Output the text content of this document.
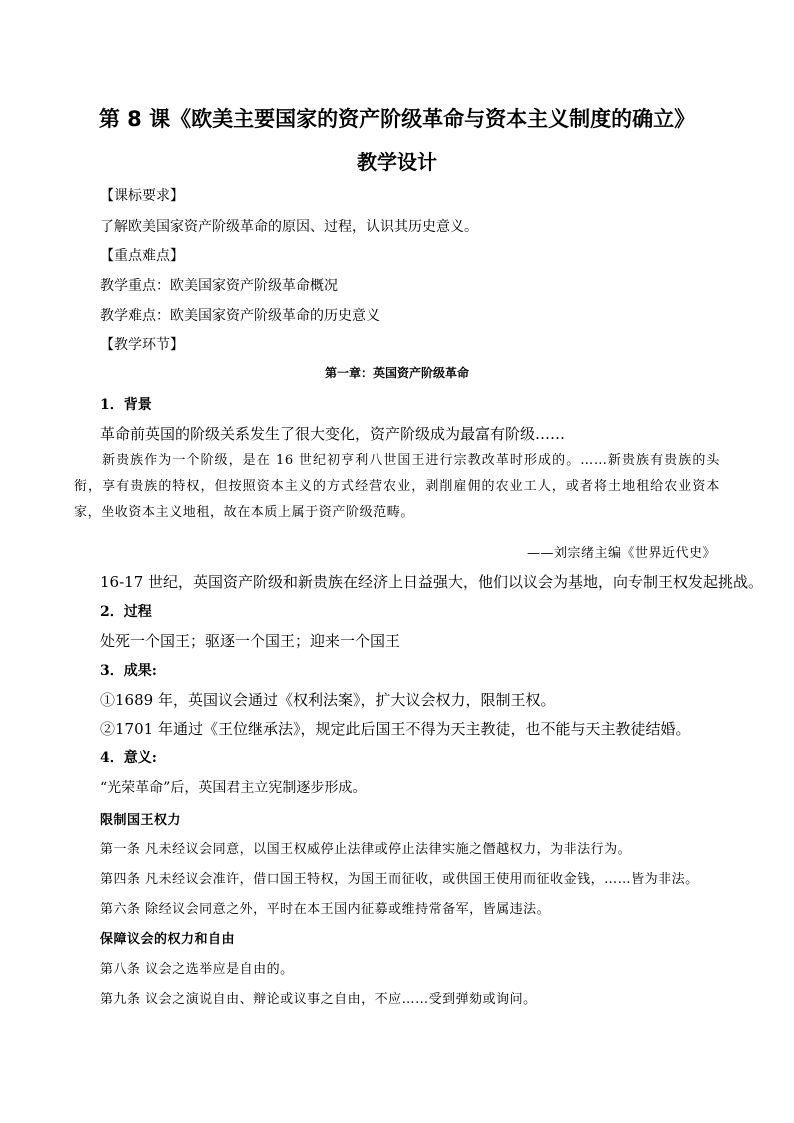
第 8 课《欧美主要国家的资产阶级革命与资本主义制度的确立》
教学设计
【课标要求】
了解欧美国家资产阶级革命的原因、过程，认识其历史意义。
【重点难点】
教学重点：欧美国家资产阶级革命概况
教学难点：欧美国家资产阶级革命的历史意义
【教学环节】
第一章：英国资产阶级革命
1．背景
革命前英国的阶级关系发生了很大变化，资产阶级成为最富有阶级……
新贵族作为一个阶级，是在 16 世纪初亨利八世国王进行宗教改革时形成的。……新贵族有贵族的头衔，享有贵族的特权，但按照资本主义的方式经营农业，剥削雇佣的农业工人，或者将土地租给农业资本家，坐收资本主义地租，故在本质上属于资产阶级范畴。
——刘宗绪主编《世界近代史》
16-17 世纪，英国资产阶级和新贵族在经济上日益强大，他们以议会为基地，向专制王权发起挑战。
2．过程
处死一个国王；驱逐一个国王；迎来一个国王
3．成果:
①1689 年，英国议会通过《权利法案》，扩大议会权力，限制王权。
②1701 年通过《王位继承法》，规定此后国王不得为天主教徒，也不能与天主教徒结婚。
4．意义:
“光荣革命”后，英国君主立宪制逐步形成。
限制国王权力
第一条 凡未经议会同意，以国王权威停止法律或停止法律实施之僭越权力，为非法行为。
第四条 凡未经议会准许，借口国王特权，为国王而征收，或供国王使用而征收金钱，……皆为非法。
第六条 除经议会同意之外，平时在本王国内征募或维持常备军，皆属违法。
保障议会的权力和自由
第八条 议会之选举应是自由的。
第九条 议会之演说自由、辩论或议事之自由，不应……受到弹劾或询问。
